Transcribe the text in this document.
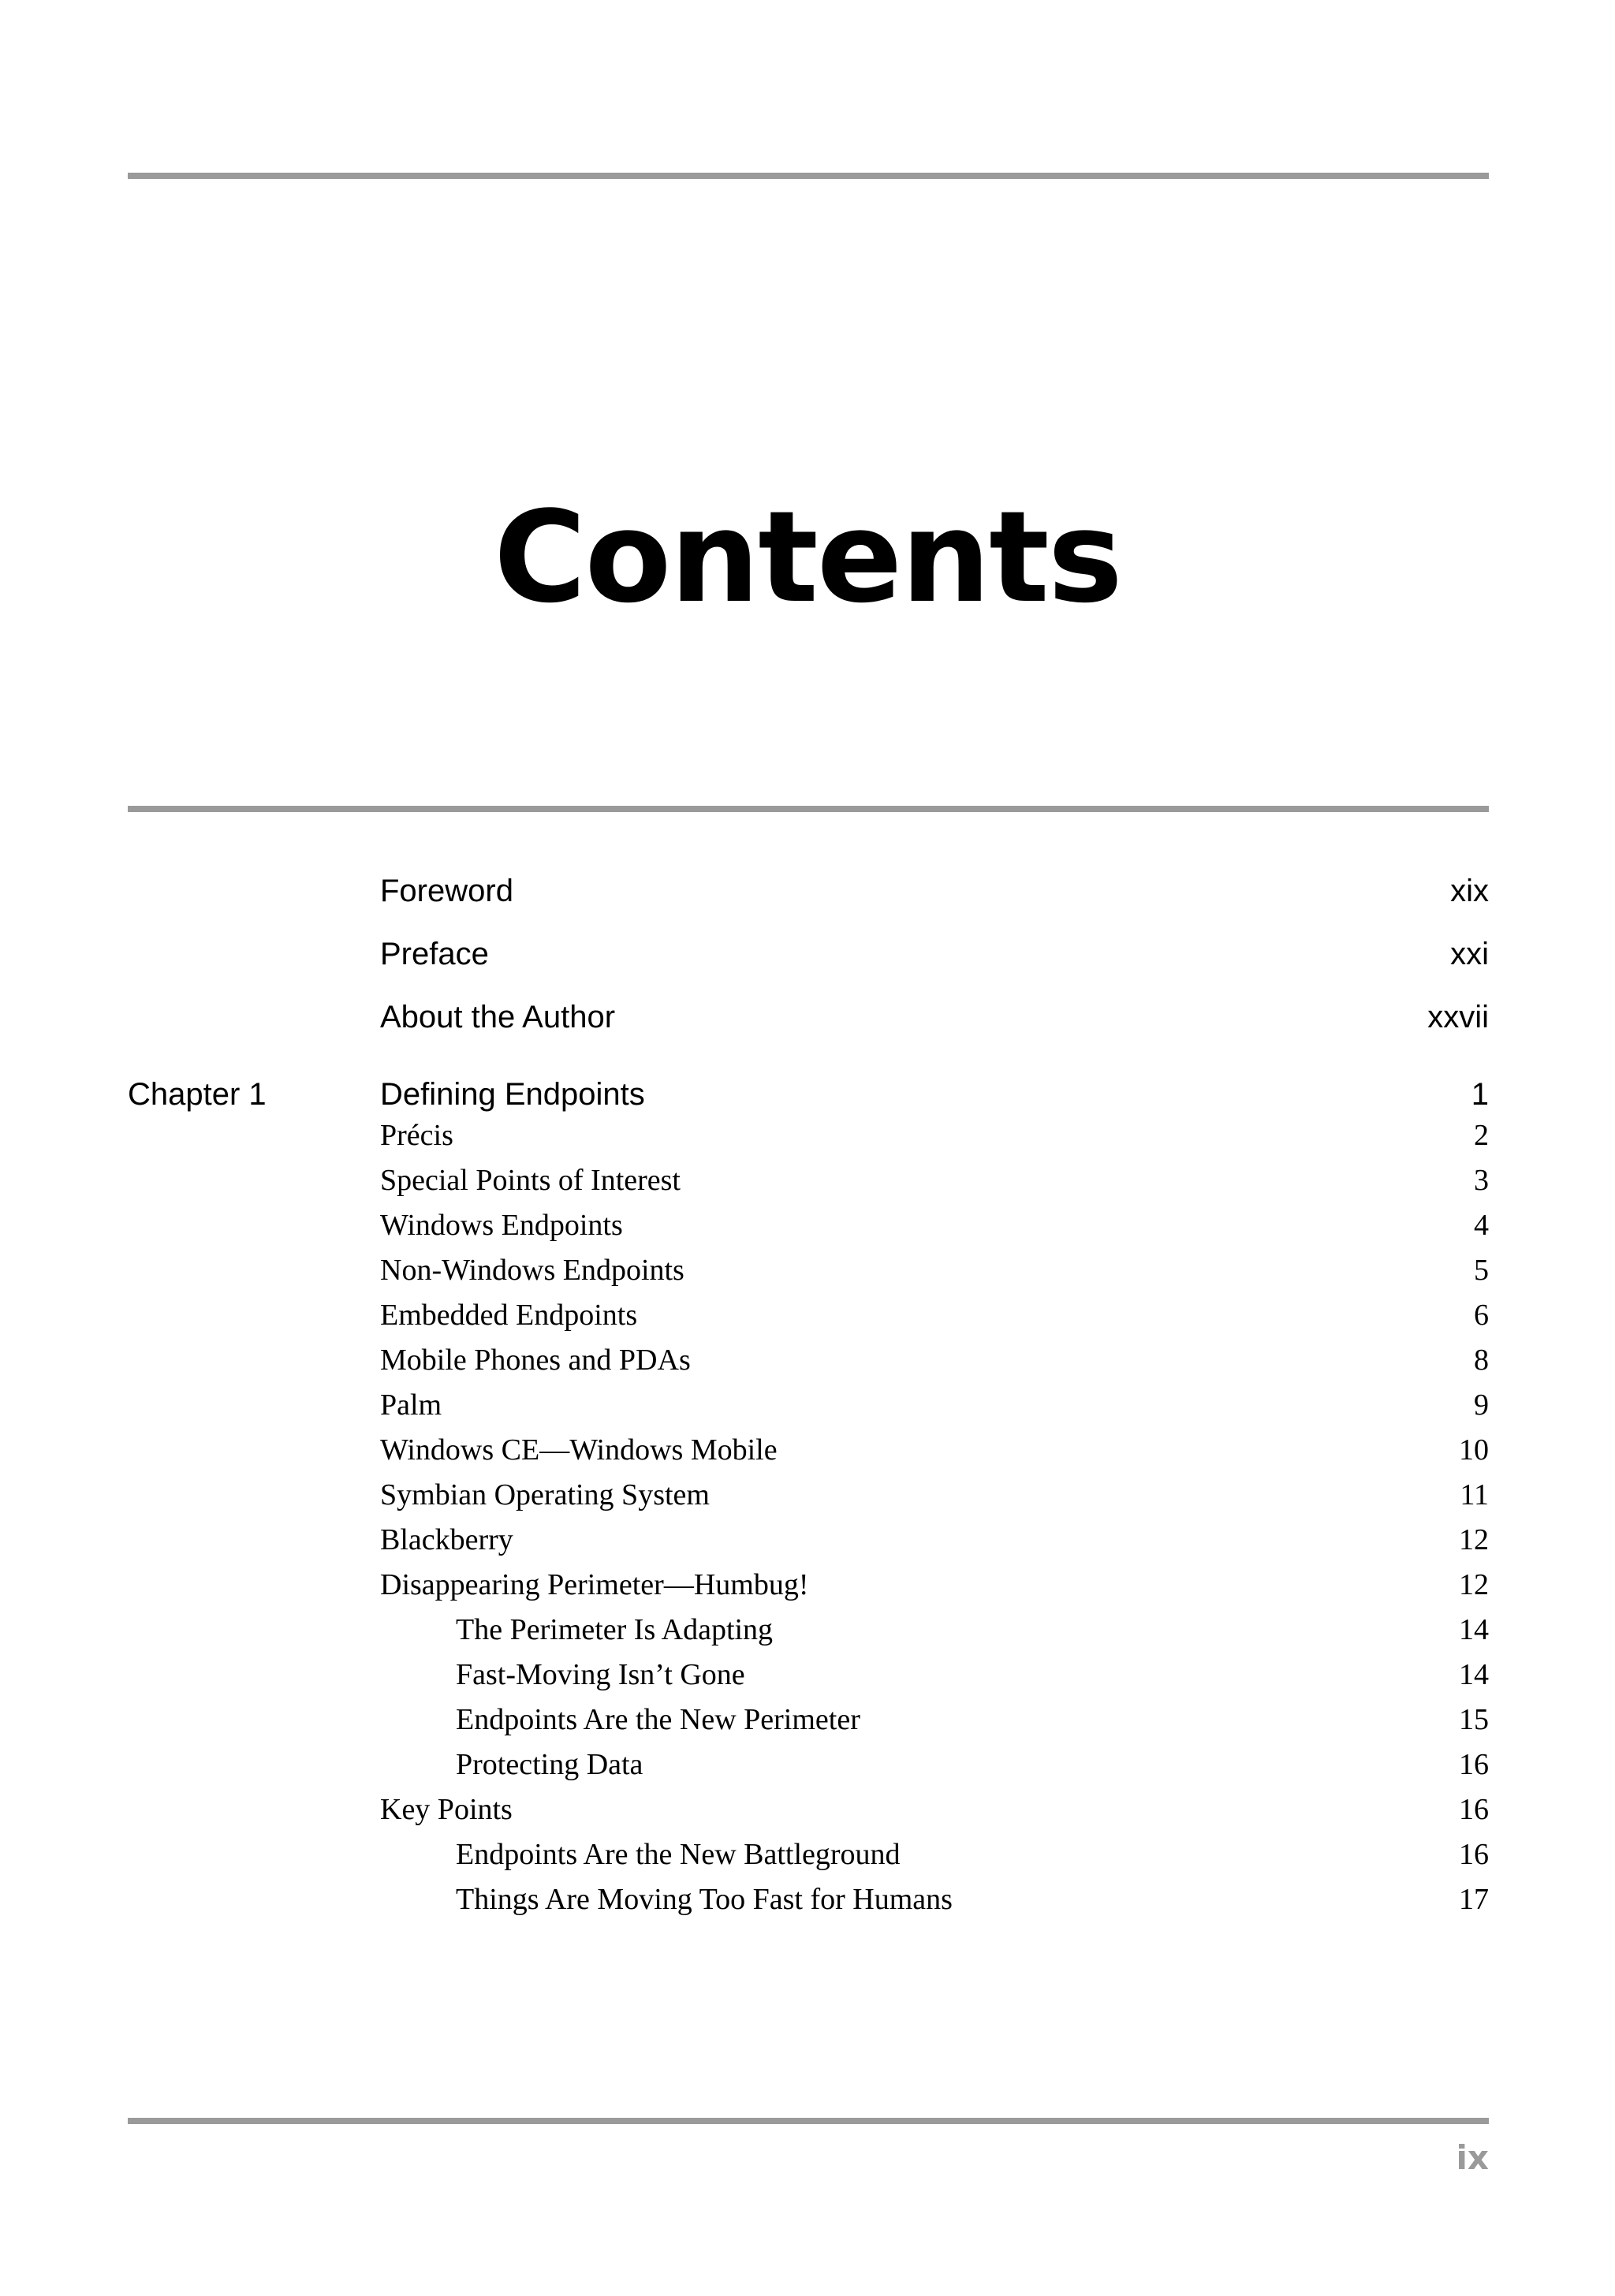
Contents
Foreword	xix
Preface	xxi
About the Author	xxvii
Chapter 1	Defining Endpoints	1
Précis	2
Special Points of Interest	3
Windows Endpoints	4
Non-Windows Endpoints	5
Embedded Endpoints	6
Mobile Phones and PDAs	8
Palm	9
Windows CE—Windows Mobile	10
Symbian Operating System	11
Blackberry	12
Disappearing Perimeter—Humbug!	12
The Perimeter Is Adapting	14
Fast-Moving Isn’t Gone	14
Endpoints Are the New Perimeter	15
Protecting Data	16
Key Points	16
Endpoints Are the New Battleground	16
Things Are Moving Too Fast for Humans	17
ix
